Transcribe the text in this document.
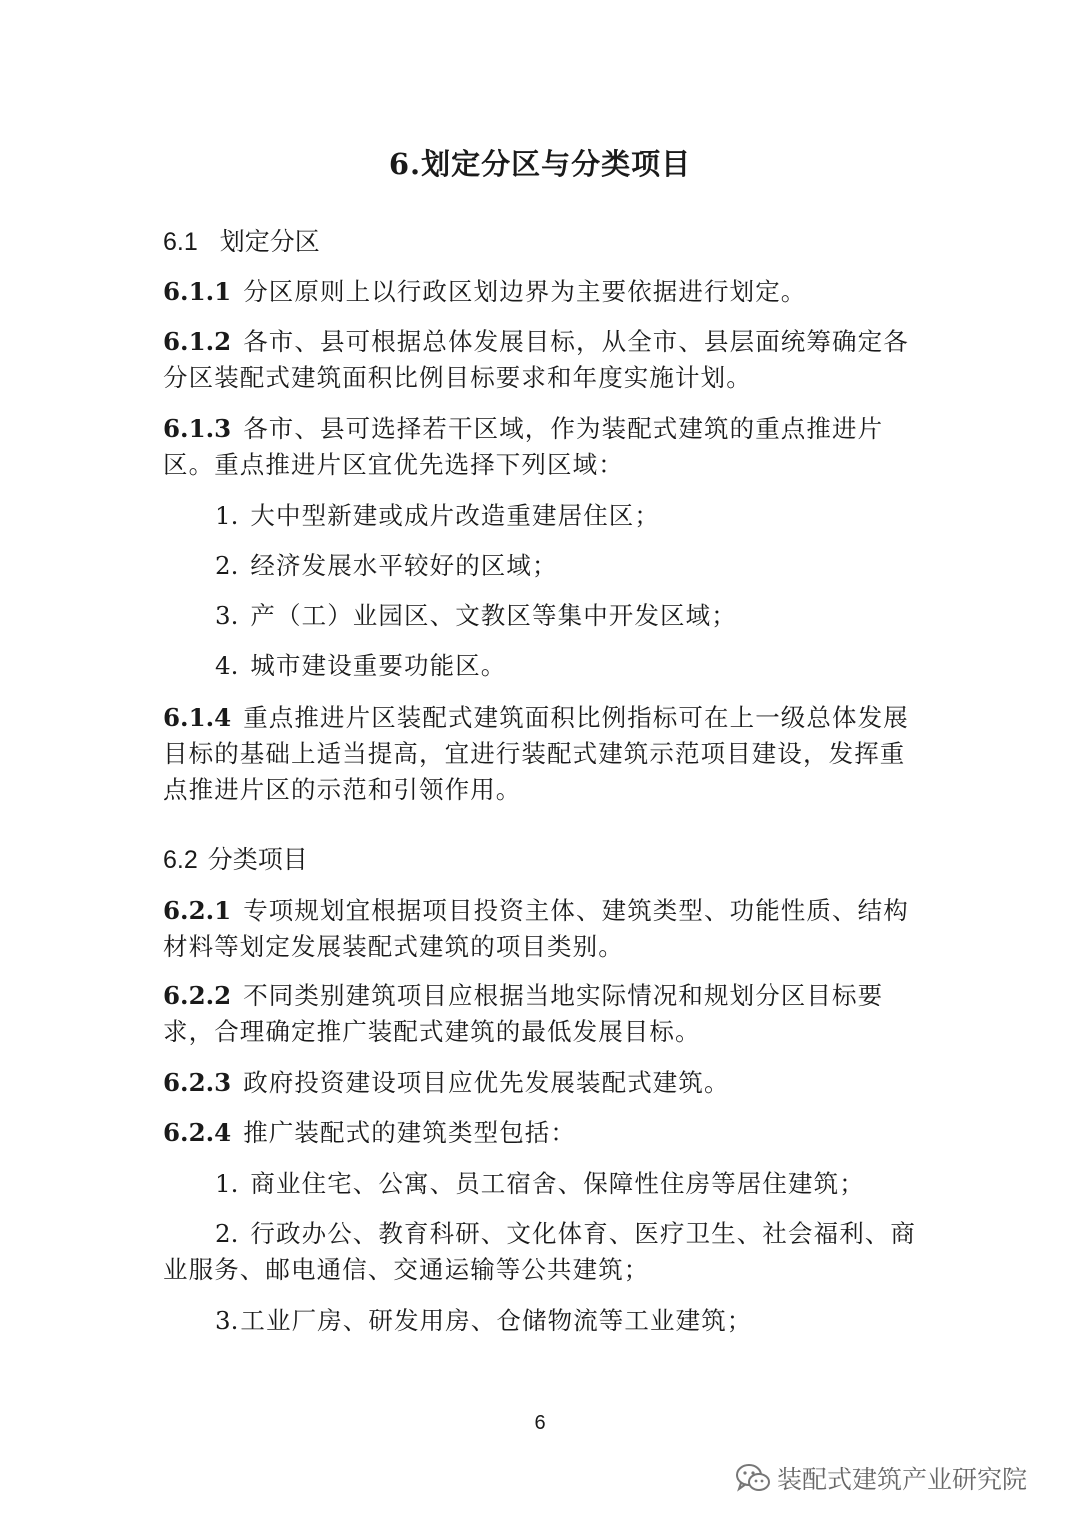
6.划定分区与分类项目
6.1 划定分区
6.1.1 分区原则上以行政区划边界为主要依据进行划定。
6.1.2 各市、县可根据总体发展目标，从全市、县层面统筹确定各分区装配式建筑面积比例目标要求和年度实施计划。
6.1.3 各市、县可选择若干区域，作为装配式建筑的重点推进片区。重点推进片区宜优先选择下列区域：
1. 大中型新建或成片改造重建居住区；
2. 经济发展水平较好的区域；
3. 产（工）业园区、文教区等集中开发区域；
4. 城市建设重要功能区。
6.1.4 重点推进片区装配式建筑面积比例指标可在上一级总体发展目标的基础上适当提高，宜进行装配式建筑示范项目建设，发挥重点推进片区的示范和引领作用。
6.2 分类项目
6.2.1 专项规划宜根据项目投资主体、建筑类型、功能性质、结构材料等划定发展装配式建筑的项目类别。
6.2.2 不同类别建筑项目应根据当地实际情况和规划分区目标要求，合理确定推广装配式建筑的最低发展目标。
6.2.3 政府投资建设项目应优先发展装配式建筑。
6.2.4 推广装配式的建筑类型包括：
1. 商业住宅、公寓、员工宿舍、保障性住房等居住建筑；
2. 行政办公、教育科研、文化体育、医疗卫生、社会福利、商业服务、邮电通信、交通运输等公共建筑；
3.工业厂房、研发用房、仓储物流等工业建筑；
6
装配式建筑产业研究院
